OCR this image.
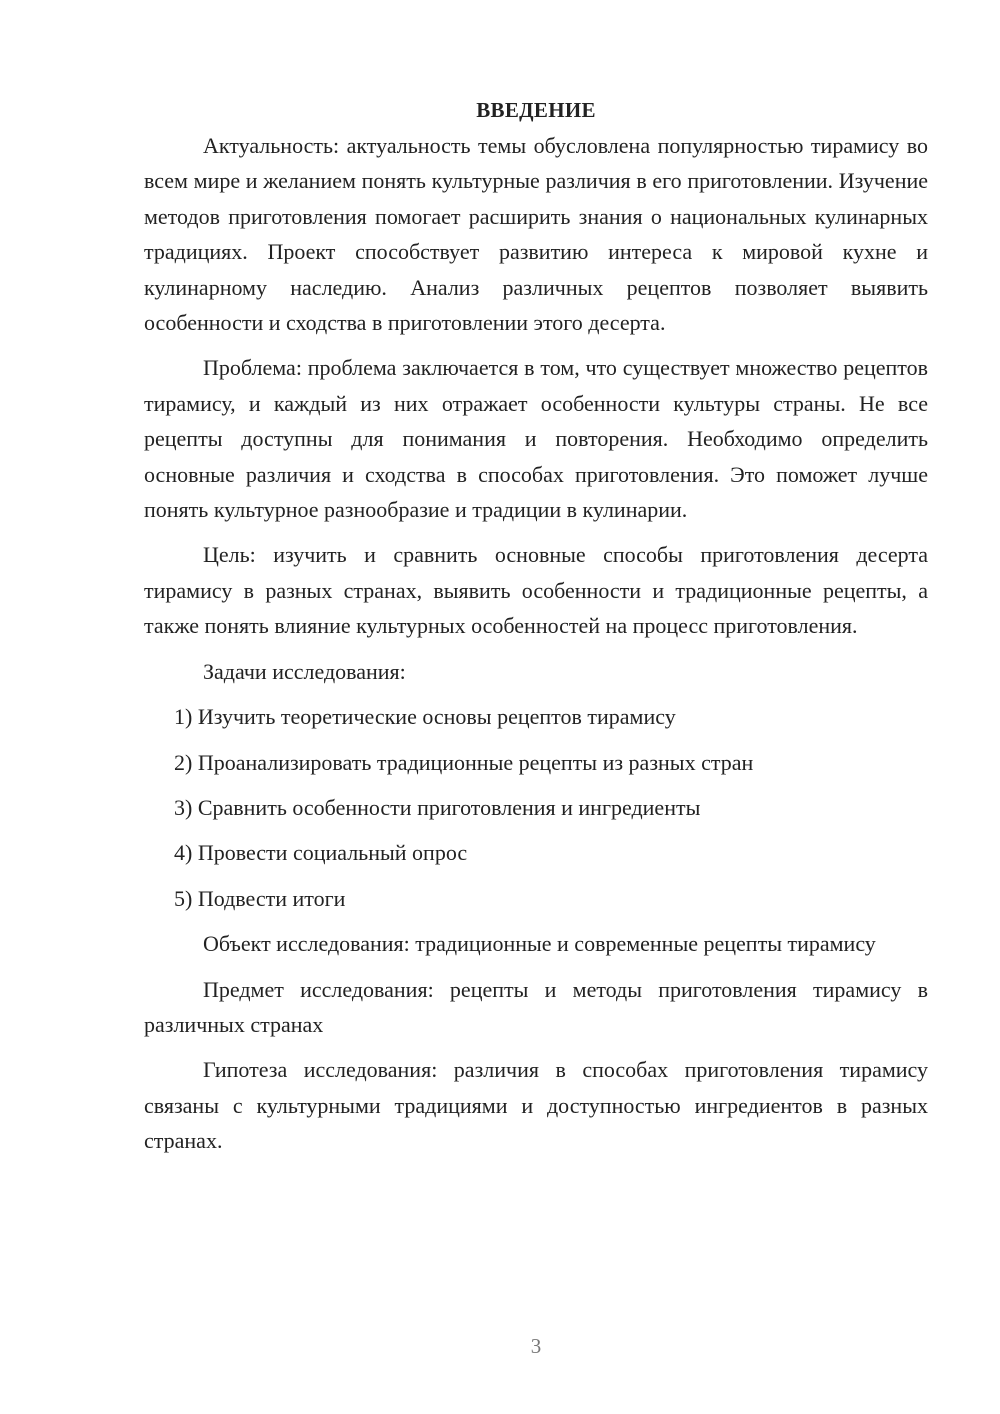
ВВЕДЕНИЕ

Актуальность: актуальность темы обусловлена популярностью тирамису во всем мире и желанием понять культурные различия в его приготовлении. Изучение методов приготовления помогает расширить знания о национальных кулинарных традициях. Проект способствует развитию интереса к мировой кухне и кулинарному наследию. Анализ различных рецептов позволяет выявить особенности и сходства в приготовлении этого десерта.

Проблема: проблема заключается в том, что существует множество рецептов тирамису, и каждый из них отражает особенности культуры страны. Не все рецепты доступны для понимания и повторения. Необходимо определить основные различия и сходства в способах приготовления. Это поможет лучше понять культурное разнообразие и традиции в кулинарии.

Цель: изучить и сравнить основные способы приготовления десерта тирамису в разных странах, выявить особенности и традиционные рецепты, а также понять влияние культурных особенностей на процесс приготовления.

Задачи исследования:

1) Изучить теоретические основы рецептов тирамису
2) Проанализировать традиционные рецепты из разных стран
3) Сравнить особенности приготовления и ингредиенты
4) Провести социальный опрос
5) Подвести итоги

Объект исследования: традиционные и современные рецепты тирамису

Предмет исследования: рецепты и методы приготовления тирамису в различных странах

Гипотеза исследования: различия в способах приготовления тирамису связаны с культурными традициями и доступностью ингредиентов в разных странах.

3
